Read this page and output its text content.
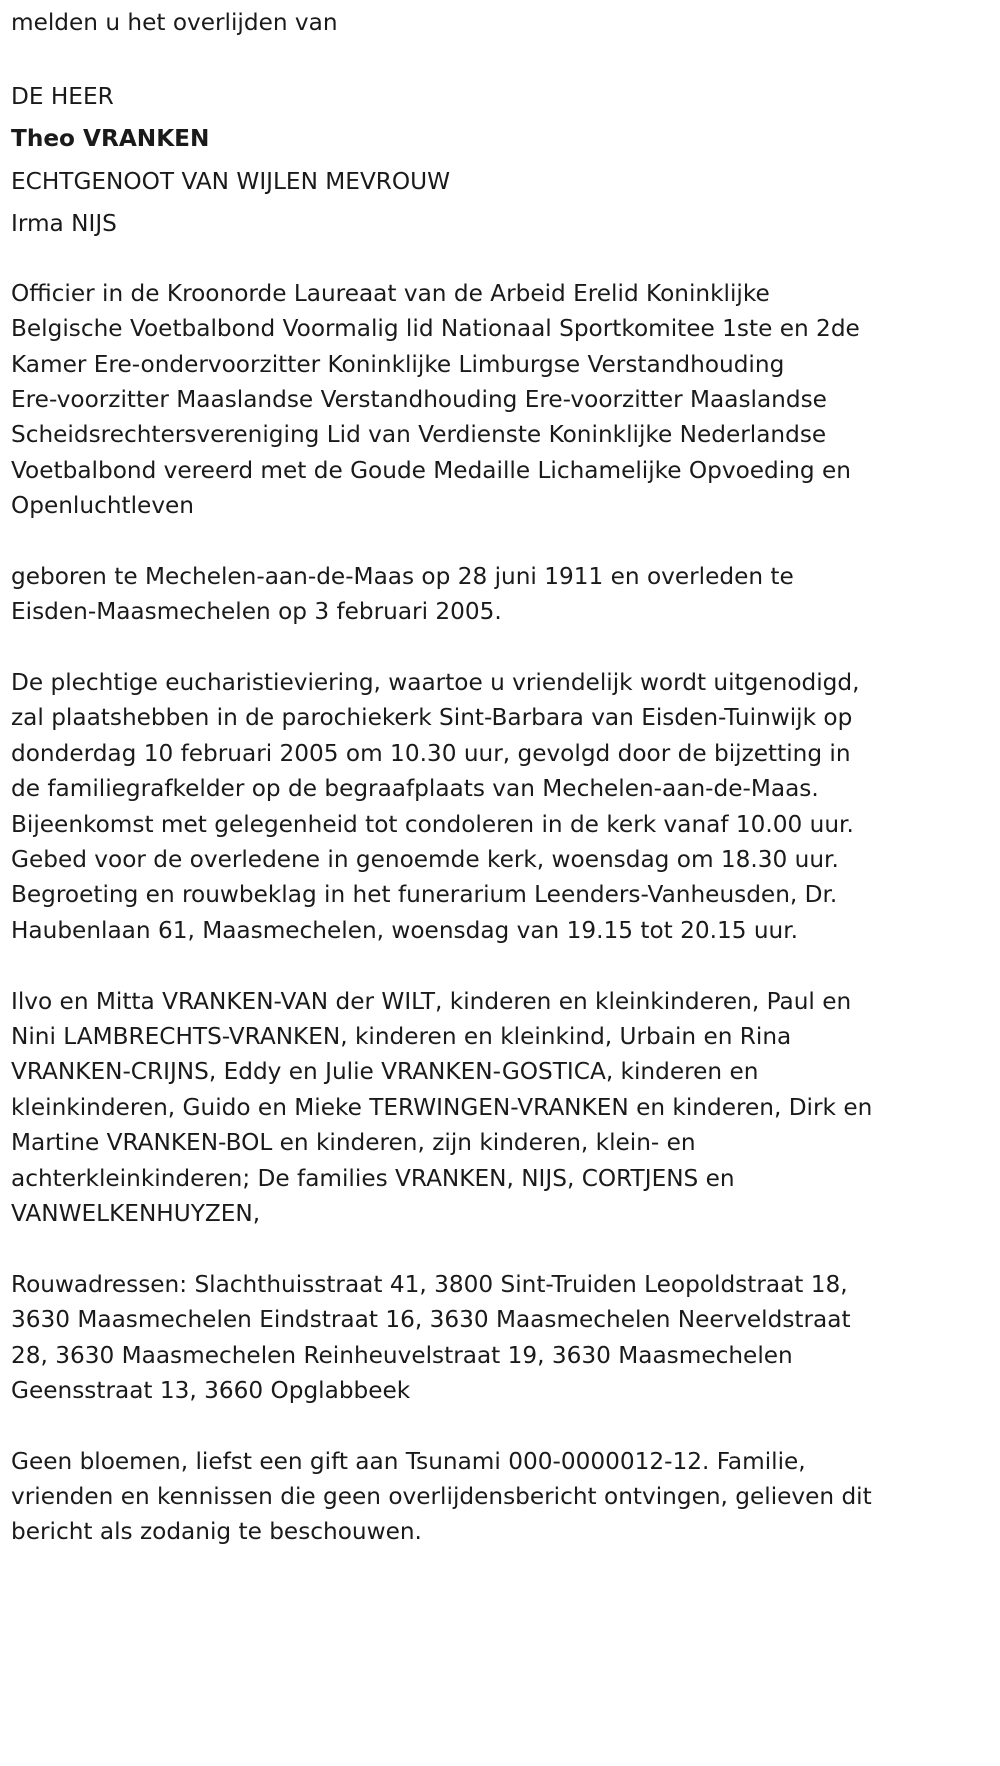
melden u het overlijden van
DE HEER
Theo VRANKEN
ECHTGENOOT VAN WIJLEN MEVROUW
Irma NIJS
Officier in de Kroonorde Laureaat van de Arbeid Erelid Koninklijke
Belgische Voetbalbond Voormalig lid Nationaal Sportkomitee 1ste en 2de
Kamer Ere-ondervoorzitter Koninklijke Limburgse Verstandhouding
Ere-voorzitter Maaslandse Verstandhouding Ere-voorzitter Maaslandse
Scheidsrechtersvereniging Lid van Verdienste Koninklijke Nederlandse
Voetbalbond vereerd met de Goude Medaille Lichamelijke Opvoeding en
Openluchtleven
geboren te Mechelen-aan-de-Maas op 28 juni 1911 en overleden te
Eisden-Maasmechelen op 3 februari 2005.
De plechtige eucharistieviering, waartoe u vriendelijk wordt uitgenodigd,
zal plaatshebben in de parochiekerk Sint-Barbara van Eisden-Tuinwijk op
donderdag 10 februari 2005 om 10.30 uur, gevolgd door de bijzetting in
de familiegrafkelder op de begraafplaats van Mechelen-aan-de-Maas.
Bijeenkomst met gelegenheid tot condoleren in de kerk vanaf 10.00 uur.
Gebed voor de overledene in genoemde kerk, woensdag om 18.30 uur.
Begroeting en rouwbeklag in het funerarium Leenders-Vanheusden, Dr.
Haubenlaan 61, Maasmechelen, woensdag van 19.15 tot 20.15 uur.
Ilvo en Mitta VRANKEN-VAN der WILT, kinderen en kleinkinderen, Paul en
Nini LAMBRECHTS-VRANKEN, kinderen en kleinkind, Urbain en Rina
VRANKEN-CRIJNS, Eddy en Julie VRANKEN-GOSTICA, kinderen en
kleinkinderen, Guido en Mieke TERWINGEN-VRANKEN en kinderen, Dirk en
Martine VRANKEN-BOL en kinderen, zijn kinderen, klein- en
achterkleinkinderen; De families VRANKEN, NIJS, CORTJENS en
VANWELKENHUYZEN,
Rouwadressen: Slachthuisstraat 41, 3800 Sint-Truiden Leopoldstraat 18,
3630 Maasmechelen Eindstraat 16, 3630 Maasmechelen Neerveldstraat
28, 3630 Maasmechelen Reinheuvelstraat 19, 3630 Maasmechelen
Geensstraat 13, 3660 Opglabbeek
Geen bloemen, liefst een gift aan Tsunami 000-0000012-12. Familie,
vrienden en kennissen die geen overlijdensbericht ontvingen, gelieven dit
bericht als zodanig te beschouwen.
